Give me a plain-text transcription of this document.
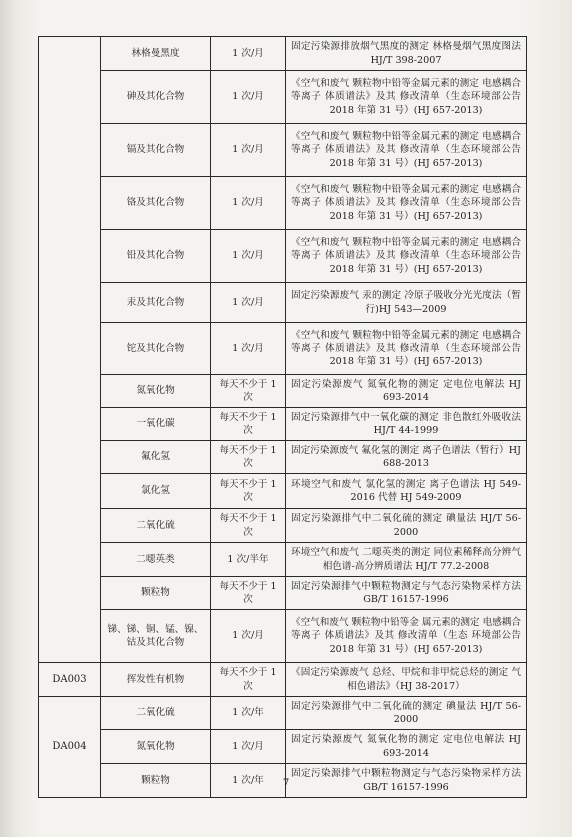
	林格曼黑度	1 次/月	固定污染源排放烟气黑度的测定 林格曼烟气黑度图法 HJ/T 398-2007
	砷及其化合物	1 次/月	《空气和废气 颗粒物中铅等金属元素的测定 电感耦合等离子 体质谱法》及其 修改清单（生态环境部公告 2018 年第 31 号）(HJ 657-2013)
	镉及其化合物	1 次/月	《空气和废气 颗粒物中铅等金属元素的测定 电感耦合等离子 体质谱法》及其 修改清单（生态环境部公告 2018 年第 31 号）(HJ 657-2013)
	铬及其化合物	1 次/月	《空气和废气 颗粒物中铅等金属元素的测定 电感耦合等离子 体质谱法》及其 修改清单（生态环境部公告 2018 年第 31 号）(HJ 657-2013)
	铅及其化合物	1 次/月	《空气和废气 颗粒物中铅等金属元素的测定 电感耦合等离子 体质谱法》及其 修改清单（生态环境部公告 2018 年第 31 号）(HJ 657-2013)
	汞及其化合物	1 次/月	固定污染源废气 汞的测定 冷原子吸收分光光度法（暂行)HJ 543—2009
	铊及其化合物	1 次/月	《空气和废气 颗粒物中铅等金属元素的测定 电感耦合等离子 体质谱法》及其 修改清单（生态环境部公告 2018 年第 31 号）(HJ 657-2013)
	氮氧化物	每天不少于 1 次	固定污染源废气 氮氧化物的测定 定电位电解法 HJ 693-2014
	一氧化碳	每天不少于 1 次	固定污染源排气中一氧化碳的测定 非色散红外吸收法 HJ/T 44-1999
	氟化氢	每天不少于 1 次	固定污染源废气 氟化氢的测定 离子色谱法（暂行）HJ 688-2013
	氯化氢	每天不少于 1 次	环境空气和废气 氯化氢的测定 离子色谱法 HJ 549-2016 代替 HJ 549-2009
	二氧化硫	每天不少于 1 次	固定污染源排气中二氧化硫的测定 碘量法 HJ/T 56-2000
	二噁英类	1 次/半年	环境空气和废气 二噁英类的测定 同位素稀释高分辨气相色谱-高分辨质谱法 HJ/T 77.2-2008
	颗粒物	每天不少于 1 次	固定污染源排气中颗粒物测定与气态污染物采样方法 GB/T 16157-1996
	锑、锑、铜、锰、镍、钴及其化合物	1 次/月	《空气和废气 颗粒物中铅等金 属元素的测定 电感耦合等离子 体质谱法》及其 修改清单（生态 环境部公告 2018 年第 31 号）(HJ 657-2013)
DA003	挥发性有机物	每天不少于 1 次	《固定污染源废气 总烃、甲烷和非甲烷总烃的测定 气相色谱法》（HJ 38-2017）
DA004	二氧化硫	1 次/年	固定污染源排气中二氧化硫的测定 碘量法 HJ/T 56-2000
	氮氧化物	1 次/月	固定污染源废气 氮氧化物的测定 定电位电解法 HJ 693-2014
	颗粒物	1 次/年	固定污染源排气中颗粒物测定与气态污染物采样方法 GB/T 16157-1996
7
